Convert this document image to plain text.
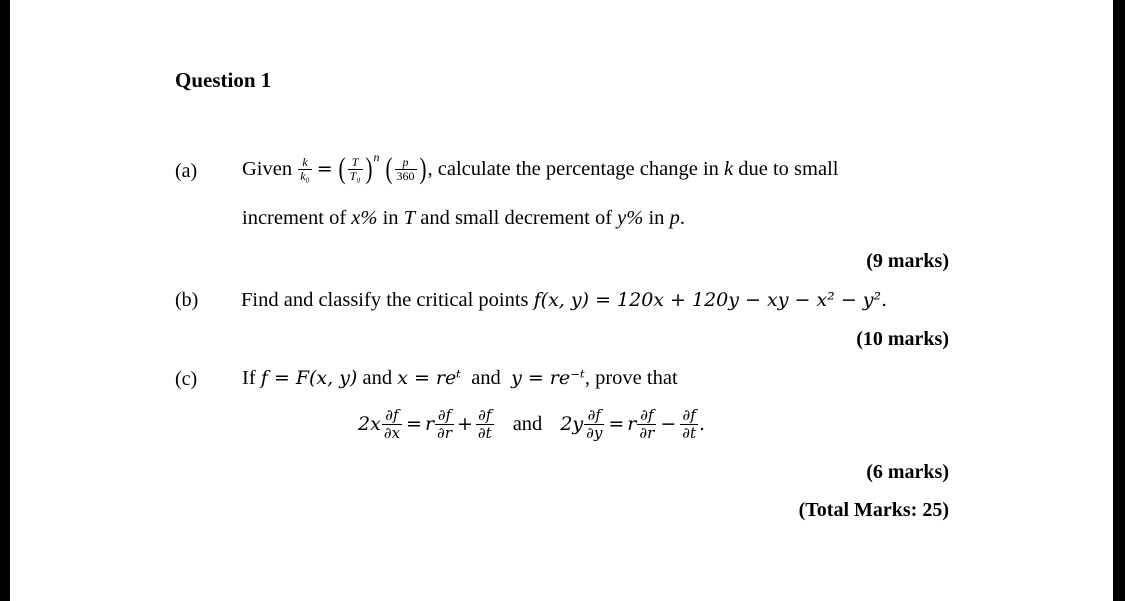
Question 1
(a) Given
$\frac{k}{\text{k₀}}$ = ( $\frac{T}{\text{T₀}} )^n$ ( $\frac{p}{360}$ ) , calculate the percentage change in
k
due to small
increment of x% in T and small decrement of y% in p.
(9 marks)
(b) Find and classify the critical points f(x, y) = 120x + 120y − xy − x² − y².
(10 marks)
(c) If f = F(x, y) and x = reᵗ and y = re⁻ᵗ, prove that
$2x \frac{\partial f}{\partial x} = r \frac{\partial f}{\partial r} + \frac{\partial f}{\partial t}$ and $2y \frac{\partial f}{\partial y} = r \frac{\partial f}{\partial r} - \frac{\partial f}{\partial t}$ .
(6 marks)
(Total Marks: 25)
